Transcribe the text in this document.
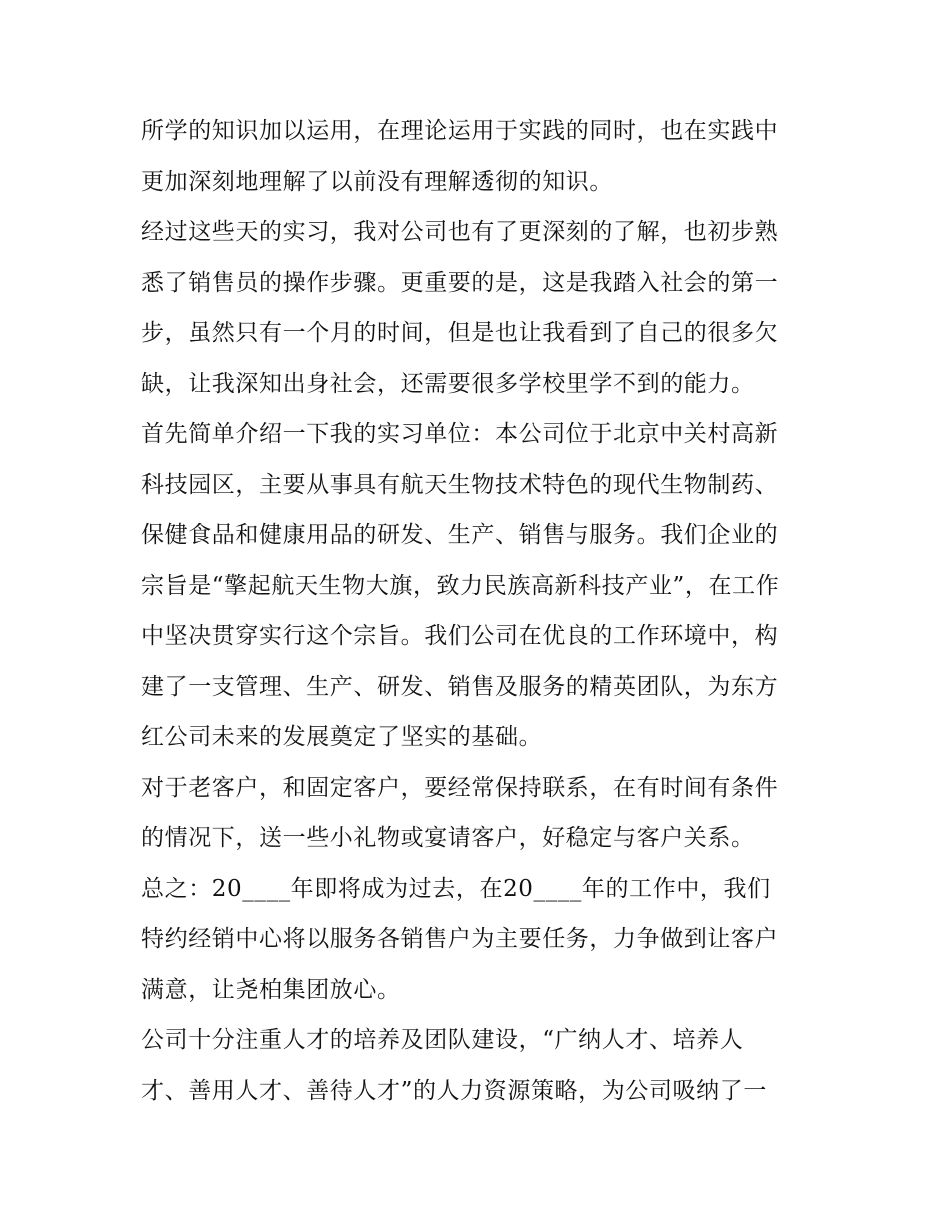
所学的知识加以运用，在理论运用于实践的同时，也在实践中
更加深刻地理解了以前没有理解透彻的知识。
经过这些天的实习，我对公司也有了更深刻的了解，也初步熟
悉了销售员的操作步骤。更重要的是，这是我踏入社会的第一
步，虽然只有一个月的时间，但是也让我看到了自己的很多欠
缺，让我深知出身社会，还需要很多学校里学不到的能力。
首先简单介绍一下我的实习单位：本公司位于北京中关村高新
科技园区，主要从事具有航天生物技术特色的现代生物制药、
保健食品和健康用品的研发、生产、销售与服务。我们企业的
宗旨是“擎起航天生物大旗，致力民族高新科技产业”，在工作
中坚决贯穿实行这个宗旨。我们公司在优良的工作环境中，构
建了一支管理、生产、研发、销售及服务的精英团队，为东方
红公司未来的发展奠定了坚实的基础。
对于老客户，和固定客户，要经常保持联系，在有时间有条件
的情况下，送一些小礼物或宴请客户，好稳定与客户关系。
总之：20____年即将成为过去，在20____年的工作中，我们
特约经销中心将以服务各销售户为主要任务，力争做到让客户
满意，让尧柏集团放心。
公司十分注重人才的培养及团队建设，“广纳人才、培养人
才、善用人才、善待人才”的人力资源策略，为公司吸纳了一
